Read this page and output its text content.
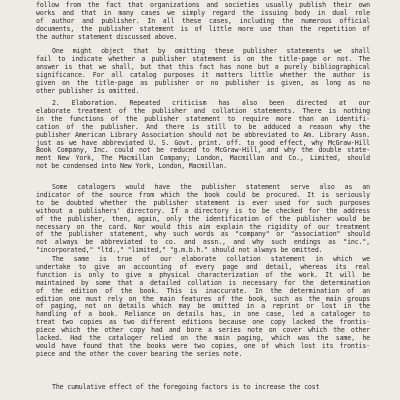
follow from the fact that organizations and societies usually publish their own
works and that in many cases we simply regard the issuing body in dual role
of author and publisher. In all these cases, including the numerous official
documents, the publisher statement is of little more use than the repetition of
the author statement discussed above.
One might object that by omitting these publisher statements we shall
fail to indicate whether a publisher statement is on the title-page or not. The
answer is that we shall, but that this fact has none but a purely bibliographical
significance. For all catalog purposes it matters little whether the author is
given on the title-page as publisher or no publisher is given, as long as no
other publisher is omitted.
2. Elaboration. Repeated criticism has also been directed at our
elaborate treatment of the publisher and collation statements. There is nothing
in the functions of the publisher statement to require more than an identifi-
cation of the publisher. And there is still to be adduced a reason why the
publisher American Library Association should not be abbreviated to Am. Library Assn.
just as we have abbreviated U. S. Govt. print. off. to good effect, why McGraw-Hill
Book Company, Inc. could not be reduced to McGraw-Hill, and why the double state-
ment New York, The Macmillan Company; London, Macmillan and Co., Limited, should
not be condensed into New York, London, Macmillan.
Some catalogers would have the publisher statement serve also as an
indicator of the source from which the book could be procured. It is seriously
to be doubted whether the publisher statement is ever used for such purposes
without a publishers' directory. If a directory is to be checked for the address
of the publisher, then, again, only the identification of the publisher would be
necessary on the card. Nor would this aim explain the rigidity of our treatment
of the publisher statement, why such words as "company" or "association" should
not always be abbreviated to co. and assn., and why such endings as "inc.",
"incorporated," "ltd.," "limited," "g.m.b.h." should not always be omitted.
The same is true of our elaborate collation statement in which we
undertake to give an accounting of every page and detail, whereas its real
function is only to give a physical characterization of the work. It will be
maintained by some that a detailed collation is necessary for the determination
of the edition of the book. This is inaccurate. In the determination of an
edition one must rely on the main features of the book, such as the main groups
of paging, not on details which may be omitted in a reprint or lost in the
handling of a book. Reliance on details has, in one case, led a cataloger to
treat two copies as two different editions because one copy lacked the frontis-
piece which the other copy had and bore a series note on cover which the other
lacked. Had the cataloger relied on the main paging, which was the same, he
would have found that the books were two copies, one of which lost its frontis-
piece and the other the cover bearing the series note.
The cumulative effect of the foregoing factors is to increase the cost
